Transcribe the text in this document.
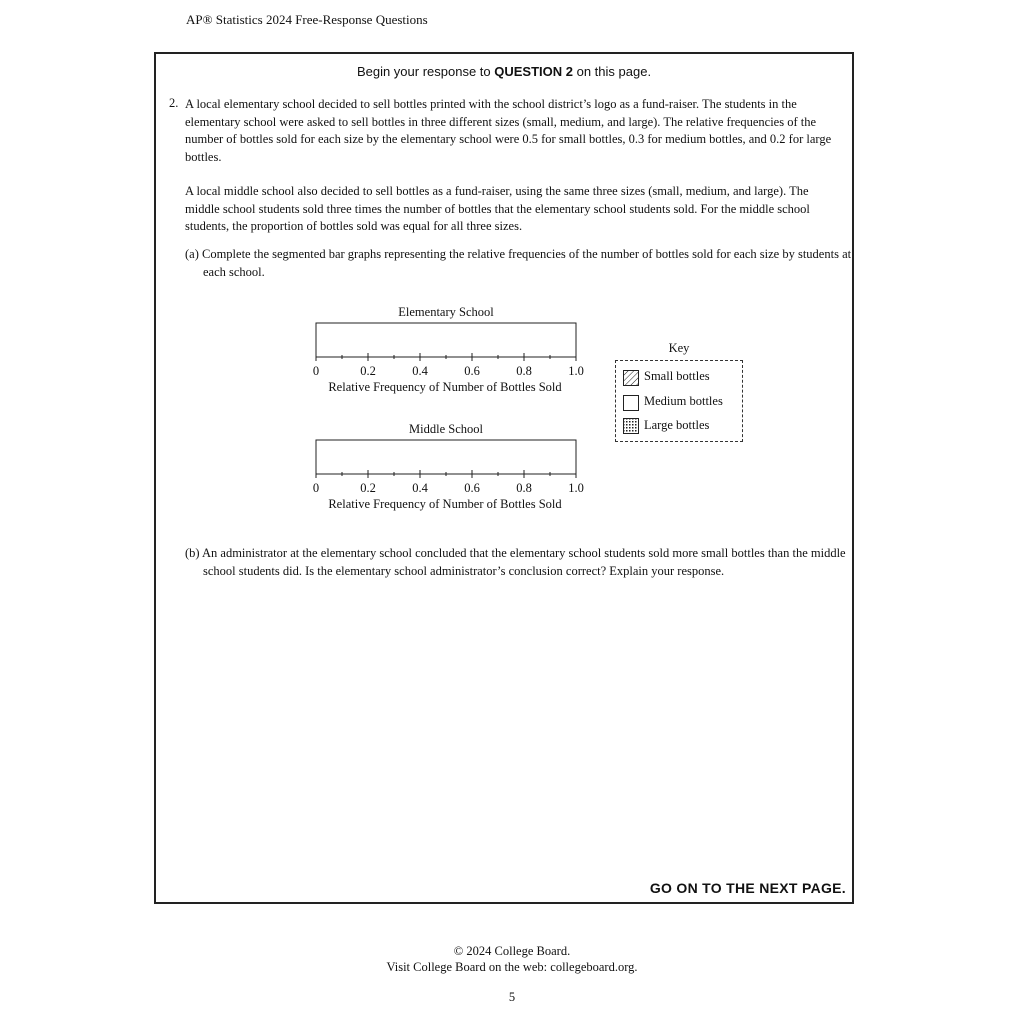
AP® Statistics 2024 Free-Response Questions
Begin your response to QUESTION 2 on this page.
2. A local elementary school decided to sell bottles printed with the school district’s logo as a fund-raiser. The students in the elementary school were asked to sell bottles in three different sizes (small, medium, and large). The relative frequencies of the number of bottles sold for each size by the elementary school were 0.5 for small bottles, 0.3 for medium bottles, and 0.2 for large bottles.
A local middle school also decided to sell bottles as a fund-raiser, using the same three sizes (small, medium, and large). The middle school students sold three times the number of bottles that the elementary school students sold. For the middle school students, the proportion of bottles sold was equal for all three sizes.
(a) Complete the segmented bar graphs representing the relative frequencies of the number of bottles sold for each size by students at each school.
Elementary School
0	0.2	0.4	0.6	0.8	1.0
Relative Frequency of Number of Bottles Sold
Middle School
0	0.2	0.4	0.6	0.8	1.0
Relative Frequency of Number of Bottles Sold
Key
Small bottles
Medium bottles
Large bottles
(b) An administrator at the elementary school concluded that the elementary school students sold more small bottles than the middle school students did. Is the elementary school administrator’s conclusion correct? Explain your response.
GO ON TO THE NEXT PAGE.
© 2024 College Board.
Visit College Board on the web: collegeboard.org.
5
